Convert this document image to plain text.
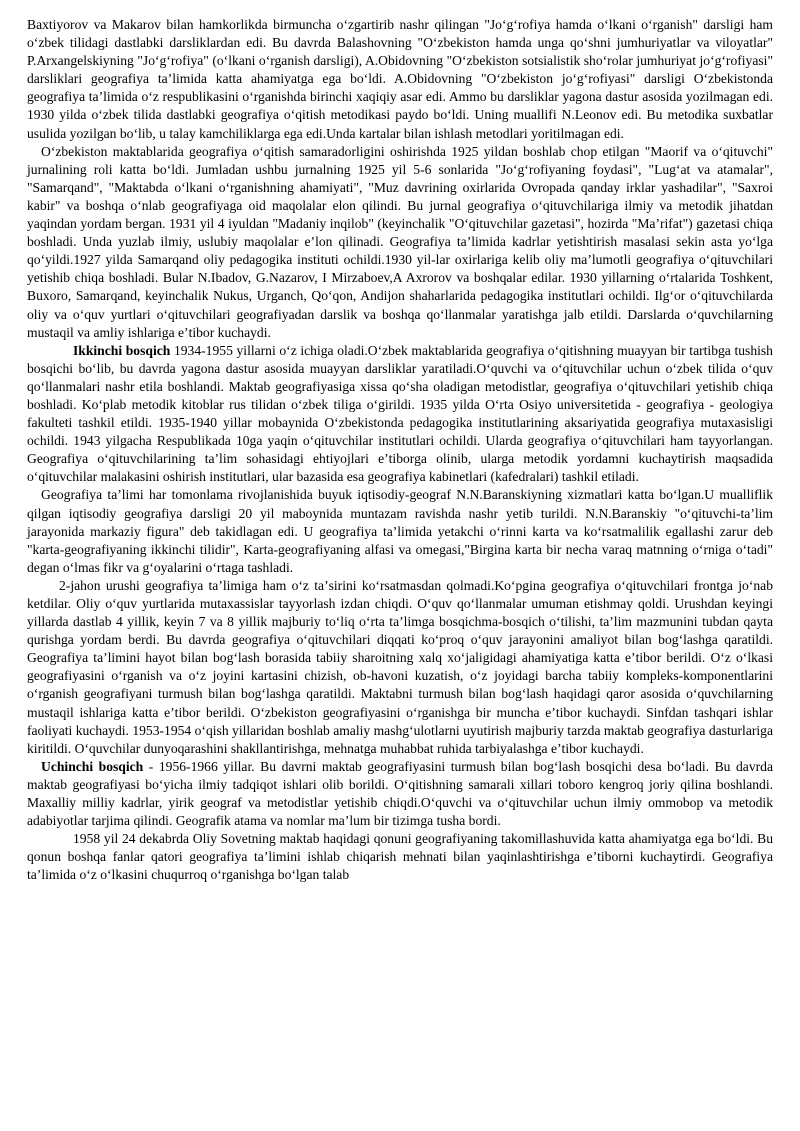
Baxtiyorov va Makarov bilan hamkorlikda birmuncha oʻzgartirib nashr qilingan "Joʻgʻrofiya hamda oʻlkani oʻrganish" darsligi ham oʻzbek tilidagi dastlabki darsliklardan edi. Bu davrda Balashovning "Oʻzbekiston hamda unga qoʻshni jumhuriyatlar va viloyatlar" P.Arxangelskiyning "Joʻgʻrofiya" (oʻlkani oʻrganish darsligi), A.Obidovning "Oʻzbekiston sotsialistik shoʻrolar jumhuriyat joʻgʻrofiyasi" darsliklari geografiya taʼlimida katta ahamiyatga ega boʻldi. A.Obidovning "Oʻzbekiston joʻgʻrofiyasi" darsligi Oʻzbekistonda geografiya taʼlimida oʻz respublikasini oʻrganishda birinchi xaqiqiy asar edi. Ammo bu darsliklar yagona dastur asosida yozilmagan edi. 1930 yilda oʻzbek tilida dastlabki geografiya oʻqitish metodikasi paydo boʻldi. Uning muallifi N.Leonov edi. Bu metodika suxbatlar usulida yozilgan boʻlib, u talay kamchiliklarga ega edi.Unda kartalar bilan ishlash metodlari yoritilmagan edi.

Oʻzbekiston maktablarida geografiya oʻqitish samaradorligini oshirishda 1925 yildan boshlab chop etilgan "Maorif va oʻqituvchi" jurnalining roli katta boʻldi. Jumladan ushbu jurnalning 1925 yil 5-6 sonlarida "Joʻgʻrofiyaning foydasi", "Lugʻat va atamalar", "Samarqand", "Maktabda oʻlkani oʻrganishning ahamiyati", "Muz davrining oxirlarida Ovropada qanday irklar yashadilar", "Saxroi kabir" va boshqa oʻnlab geografiyaga oid maqolalar elon qilindi. Bu jurnal geografiya oʻqituvchilariga ilmiy va metodik jihatdan yaqindan yordam bergan. 1931 yil 4 iyuldan "Madaniy inqilob" (keyinchalik "Oʻqituvchilar gazetasi", hozirda "Maʼrifat") gazetasi chiqa boshladi. Unda yuzlab ilmiy, uslubiy maqolalar eʼlon qilinadi. Geografiya taʼlimida kadrlar yetishtirish masalasi sekin asta yoʻlga qoʻyildi.1927 yilda Samarqand oliy pedagogika instituti ochildi.1930 yil-lar oxirlariga kelib oliy maʼlumotli geografiya oʻqituvchilari yetishib chiqa boshladi. Bular N.Ibadov, G.Nazarov, I Mirzaboev,A Axrorov va boshqalar edilar. 1930 yillarning oʻrtalarida Toshkent, Buxoro, Samarqand, keyinchalik Nukus, Urganch, Qoʻqon, Andijon shaharlarida pedagogika institutlari ochildi. Ilgʻor oʻqituvchilarda oliy va oʻquv yurtlari oʻqituvchilari geografiyadan darslik va boshqa qoʻllanmalar yaratishga jalb etildi. Darslarda oʻquvchilarning mustaqil va amliy ishlariga eʼtibor kuchaydi.

Ikkinchi bosqich 1934-1955 yillarni oʻz ichiga oladi.Oʻzbek maktablarida geografiya oʻqitishning muayyan bir tartibga tushish bosqichi boʻlib, bu davrda yagona dastur asosida muayyan darsliklar yaratiladi.Oʻquvchi va oʻqituvchilar uchun oʻzbek tilida oʻquv qoʻllanmalari nashr etila boshlandi. Maktab geografiyasiga xissa qoʻsha oladigan metodistlar, geografiya oʻqituvchilari yetishib chiqa boshladi. Koʻplab metodik kitoblar rus tilidan oʻzbek tiliga oʻgirildi. 1935 yilda Oʻrta Osiyo universitetida - geografiya - geologiya fakulteti tashkil etildi. 1935-1940 yillar mobaynida Oʻzbekistonda pedagogika institutlarining aksariyatida geografiya mutaxasisligi ochildi. 1943 yilgacha Respublikada 10ga yaqin oʻqituvchilar institutlari ochildi. Ularda geografiya oʻqituvchilari ham tayyorlangan. Geografiya oʻqituvchilarining taʼlim sohasidagi ehtiyojlari eʼtiborga olinib, ularga metodik yordamni kuchaytirish maqsadida oʻqituvchilar malakasini oshirish institutlari, ular bazasida esa geografiya kabinetlari (kafedralari) tashkil etiladi.

Geografiya taʼlimi har tomonlama rivojlanishida buyuk iqtisodiy-geograf N.N.Baranskiyning xizmatlari katta boʻlgan.U mualliflik qilgan iqtisodiy geografiya darsligi 20 yil maboynida muntazam ravishda nashr yetib turildi. N.N.Baranskiy "oʻqituvchi-taʼlim jarayonida markaziy figura" deb takidlagan edi. U geografiya taʼlimida yetakchi oʻrinni karta va koʻrsatmalilik egallashi zarur deb "karta-geografiyaning ikkinchi tilidir", Karta-geografiyaning alfasi va omegasi,"Birgina karta bir necha varaq matnning oʻrniga oʻtadi" degan oʻlmas fikr va gʻoyalarini oʻrtaga tashladi.

2-jahon urushi geografiya taʼlimiga ham oʻz taʼsirini koʻrsatmasdan qolmadi.Koʻpgina geografiya oʻqituvchilari frontga joʻnab ketdilar. Oliy oʻquv yurtlarida mutaxassislar tayyorlash izdan chiqdi. Oʻquv qoʻllanmalar umuman etishmay qoldi. Urushdan keyingi yillarda dastlab 4 yillik, keyin 7 va 8 yillik majburiy toʻliq oʻrta taʼlimga bosqichma-bosqich oʻtilishi, taʼlim mazmunini tubdan qayta qurishga yordam berdi. Bu davrda geografiya oʻqituvchilari diqqati koʻproq oʻquv jarayonini amaliyot bilan bogʻlashga qaratildi. Geografiya taʼlimini hayot bilan bogʻlash borasida tabiiy sharoitning xalq xoʻjaligidagi ahamiyatiga katta eʼtibor berildi. Oʻz oʻlkasi geografiyasini oʻrganish va oʻz joyini kartasini chizish, ob-havoni kuzatish, oʻz joyidagi barcha tabiiy kompleks-komponentlarini oʻrganish geografiyani turmush bilan bogʻlashga qaratildi. Maktabni turmush bilan bogʻlash haqidagi qaror asosida oʻquvchilarning mustaqil ishlariga katta eʼtibor berildi. Oʻzbekiston geografiyasini oʻrganishga bir muncha eʼtibor kuchaydi. Sinfdan tashqari ishlar faoliyati kuchaydi. 1953-1954 oʻqish yillaridan boshlab amaliy mashgʻulotlarni uyutirish majburiy tarzda maktab geografiya dasturlariga kiritildi. Oʻquvchilar dunyoqarashini shakllantirishga, mehnatga muhabbat ruhida tarbiyalashga eʼtibor kuchaydi.

Uchinchi bosqich - 1956-1966 yillar. Bu davrni maktab geografiyasini turmush bilan bogʻlash bosqichi desa boʻladi. Bu davrda maktab geografiyasi boʻyicha ilmiy tadqiqot ishlari olib borildi. Oʻqitishning samarali xillari toboro kengroq joriy qilina boshlandi. Maxalliy milliy kadrlar, yirik geograf va metodistlar yetishib chiqdi.Oʻquvchi va oʻqituvchilar uchun ilmiy ommobop va metodik adabiyotlar tarjima qilindi. Geografik atama va nomlar maʼlum bir tizimga tusha bordi.

1958 yil 24 dekabrda Oliy Sovetning maktab haqidagi qonuni geografiyaning takomillashuvida katta ahamiyatga ega boʻldi. Bu qonun boshqa fanlar qatori geografiya taʼlimini ishlab chiqarish mehnati bilan yaqinlashtirishga eʼtiborni kuchaytirdi. Geografiya taʼlimida oʻz oʻlkasini chuqurroq oʻrganishga boʻlgan talab
